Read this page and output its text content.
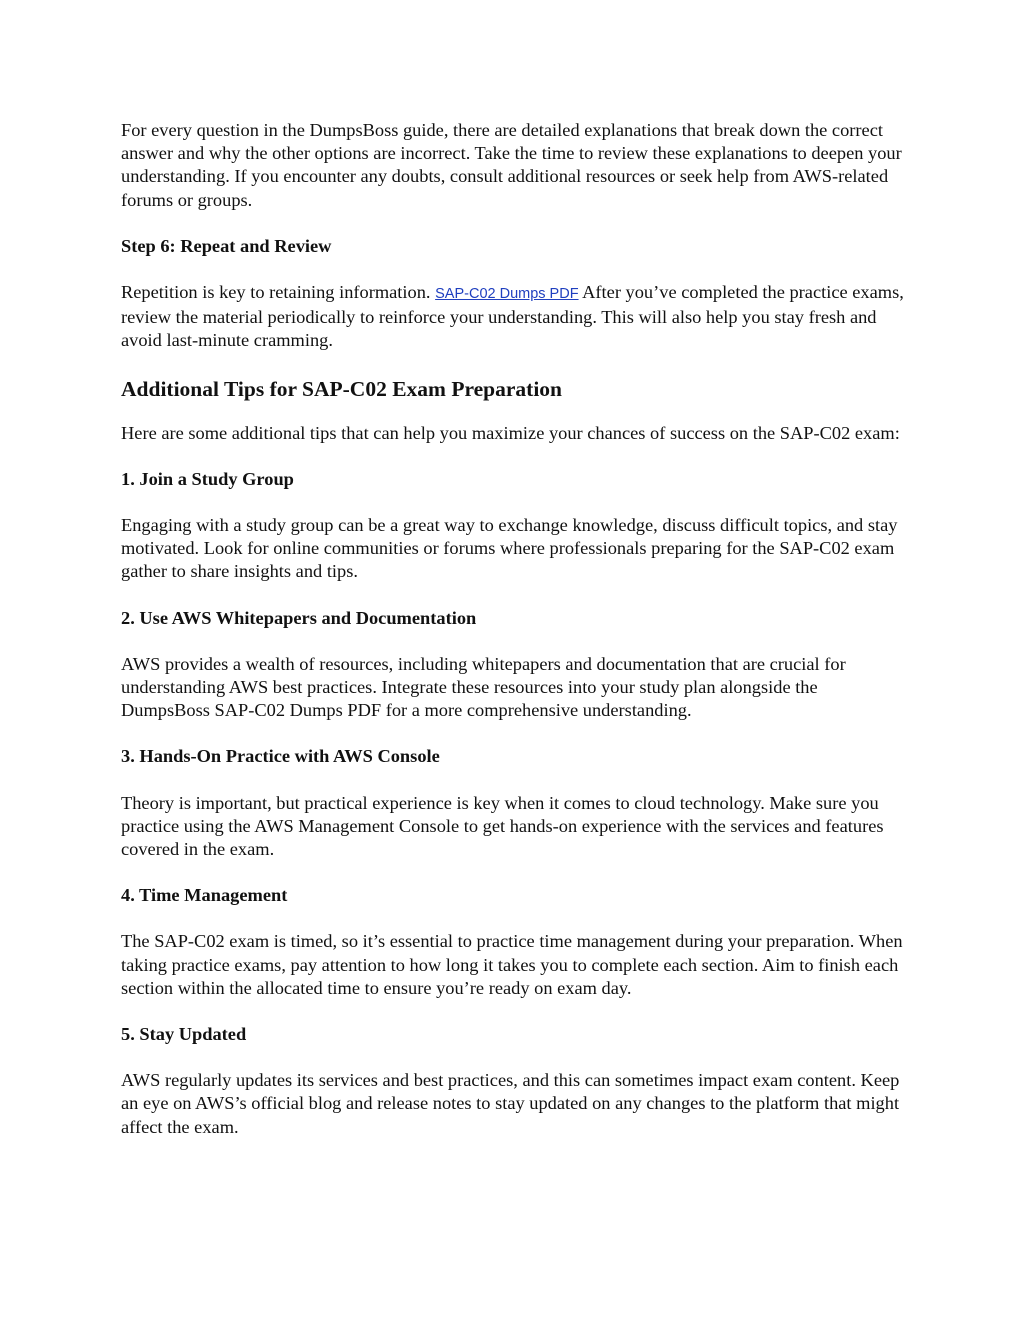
For every question in the DumpsBoss guide, there are detailed explanations that break down the correct answer and why the other options are incorrect. Take the time to review these explanations to deepen your understanding. If you encounter any doubts, consult additional resources or seek help from AWS-related forums or groups.

Step 6: Repeat and Review

Repetition is key to retaining information. SAP-C02 Dumps PDF After you’ve completed the practice exams, review the material periodically to reinforce your understanding. This will also help you stay fresh and avoid last-minute cramming.

Additional Tips for SAP-C02 Exam Preparation

Here are some additional tips that can help you maximize your chances of success on the SAP-C02 exam:

1. Join a Study Group

Engaging with a study group can be a great way to exchange knowledge, discuss difficult topics, and stay motivated. Look for online communities or forums where professionals preparing for the SAP-C02 exam gather to share insights and tips.

2. Use AWS Whitepapers and Documentation

AWS provides a wealth of resources, including whitepapers and documentation that are crucial for understanding AWS best practices. Integrate these resources into your study plan alongside the DumpsBoss SAP-C02 Dumps PDF for a more comprehensive understanding.

3. Hands-On Practice with AWS Console

Theory is important, but practical experience is key when it comes to cloud technology. Make sure you practice using the AWS Management Console to get hands-on experience with the services and features covered in the exam.

4. Time Management

The SAP-C02 exam is timed, so it’s essential to practice time management during your preparation. When taking practice exams, pay attention to how long it takes you to complete each section. Aim to finish each section within the allocated time to ensure you’re ready on exam day.

5. Stay Updated

AWS regularly updates its services and best practices, and this can sometimes impact exam content. Keep an eye on AWS’s official blog and release notes to stay updated on any changes to the platform that might affect the exam.
